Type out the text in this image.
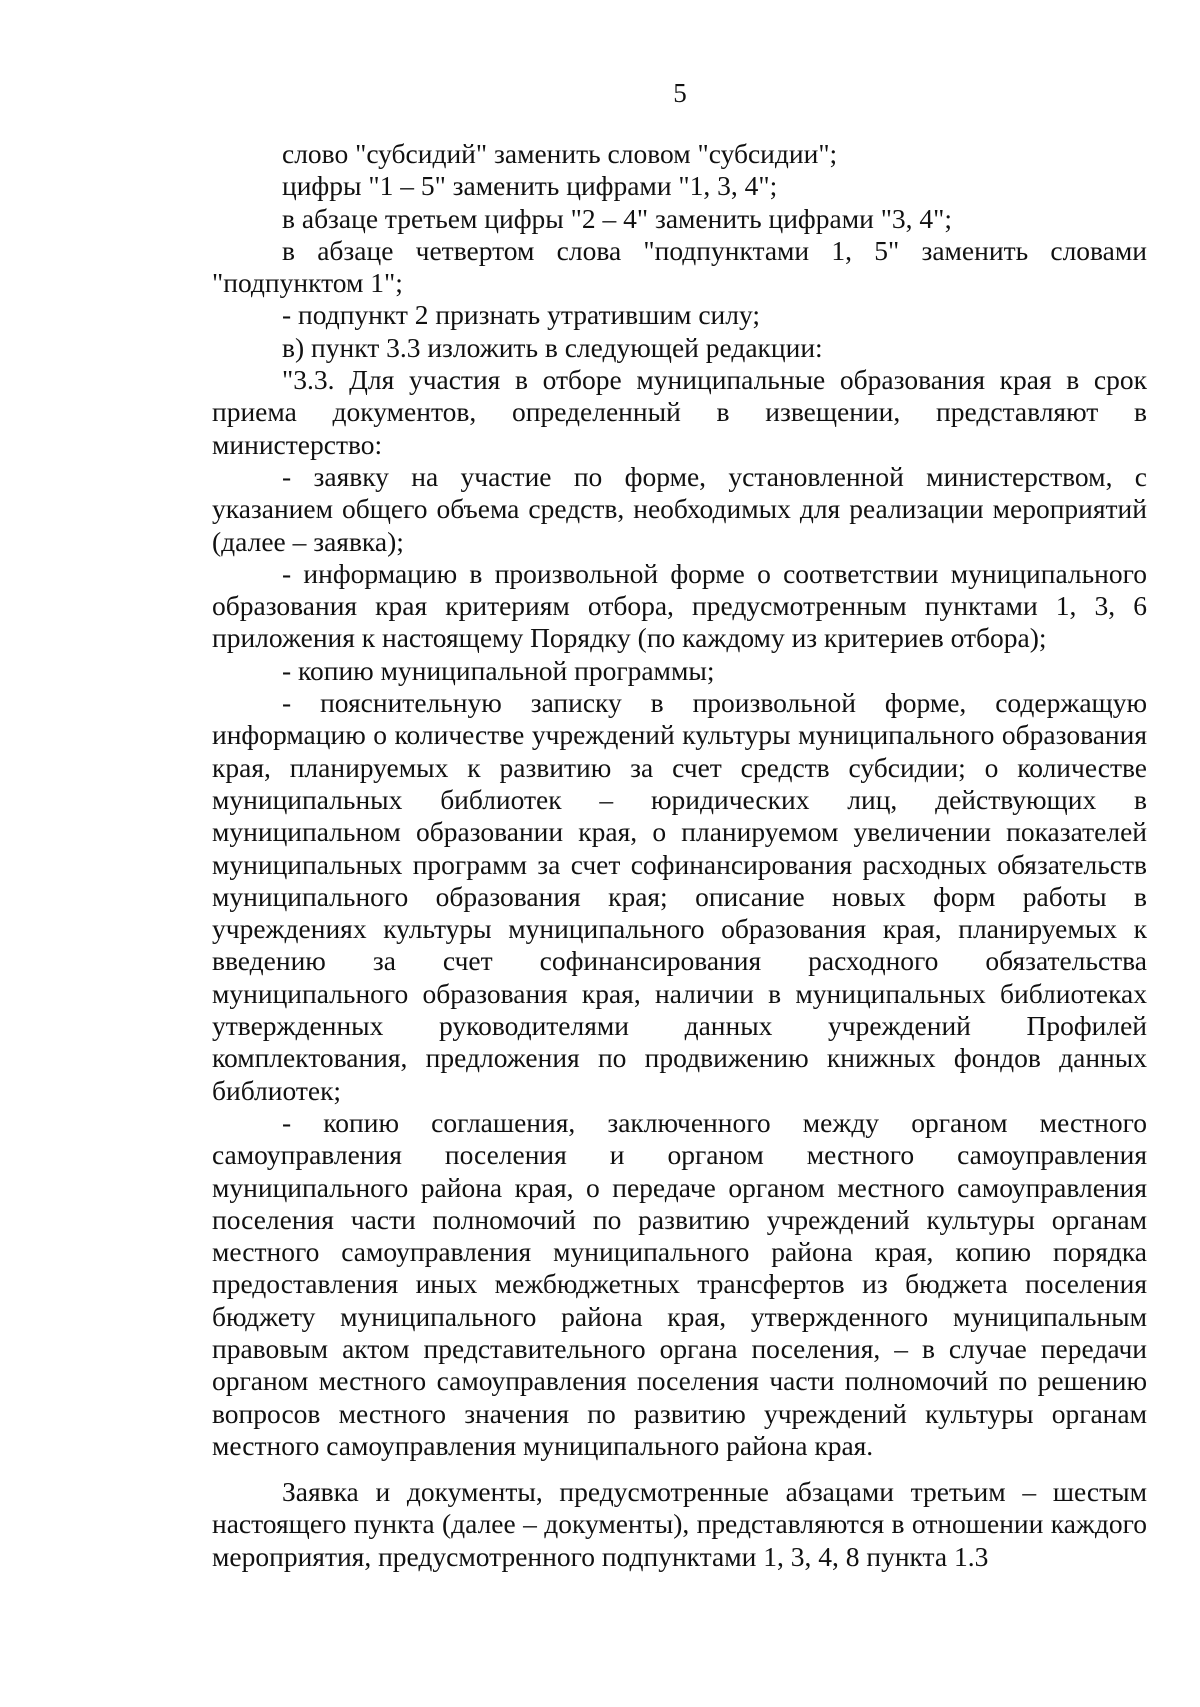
5

слово "субсидий" заменить словом "субсидии";

цифры "1 – 5" заменить цифрами "1, 3, 4";

в абзаце третьем цифры "2 – 4" заменить цифрами "3, 4";

в абзаце четвертом слова "подпунктами 1, 5" заменить словами "подпунктом 1";

- подпункт 2 признать утратившим силу;

в) пункт 3.3 изложить в следующей редакции:

"3.3. Для участия в отборе муниципальные образования края в срок приема документов, определенный в извещении, представляют в министерство:

- заявку на участие по форме, установленной министерством, с указанием общего объема средств, необходимых для реализации мероприятий (далее – заявка);

- информацию в произвольной форме о соответствии муниципального образования края критериям отбора, предусмотренным пунктами 1, 3, 6 приложения к настоящему Порядку (по каждому из критериев отбора);

- копию муниципальной программы;

- пояснительную записку в произвольной форме, содержащую информацию о количестве учреждений культуры муниципального образования края, планируемых к развитию за счет средств субсидии; о количестве муниципальных библиотек – юридических лиц, действующих в муниципальном образовании края, о планируемом увеличении показателей муниципальных программ за счет софинансирования расходных обязательств муниципального образования края; описание новых форм работы в учреждениях культуры муниципального образования края, планируемых к введению за счет софинансирования расходного обязательства муниципального образования края, наличии в муниципальных библиотеках утвержденных руководителями данных учреждений Профилей комплектования, предложения по продвижению книжных фондов данных библиотек;

- копию соглашения, заключенного между органом местного самоуправления поселения и органом местного самоуправления муниципального района края, о передаче органом местного самоуправления поселения части полномочий по развитию учреждений культуры органам местного самоуправления муниципального района края, копию порядка предоставления иных межбюджетных трансфертов из бюджета поселения бюджету муниципального района края, утвержденного муниципальным правовым актом представительного органа поселения, – в случае передачи органом местного самоуправления поселения части полномочий по решению вопросов местного значения по развитию учреждений культуры органам местного самоуправления муниципального района края.

Заявка и документы, предусмотренные абзацами третьим – шестым настоящего пункта (далее – документы), представляются в отношении каждого мероприятия, предусмотренного подпунктами 1, 3, 4, 8 пункта 1.3
